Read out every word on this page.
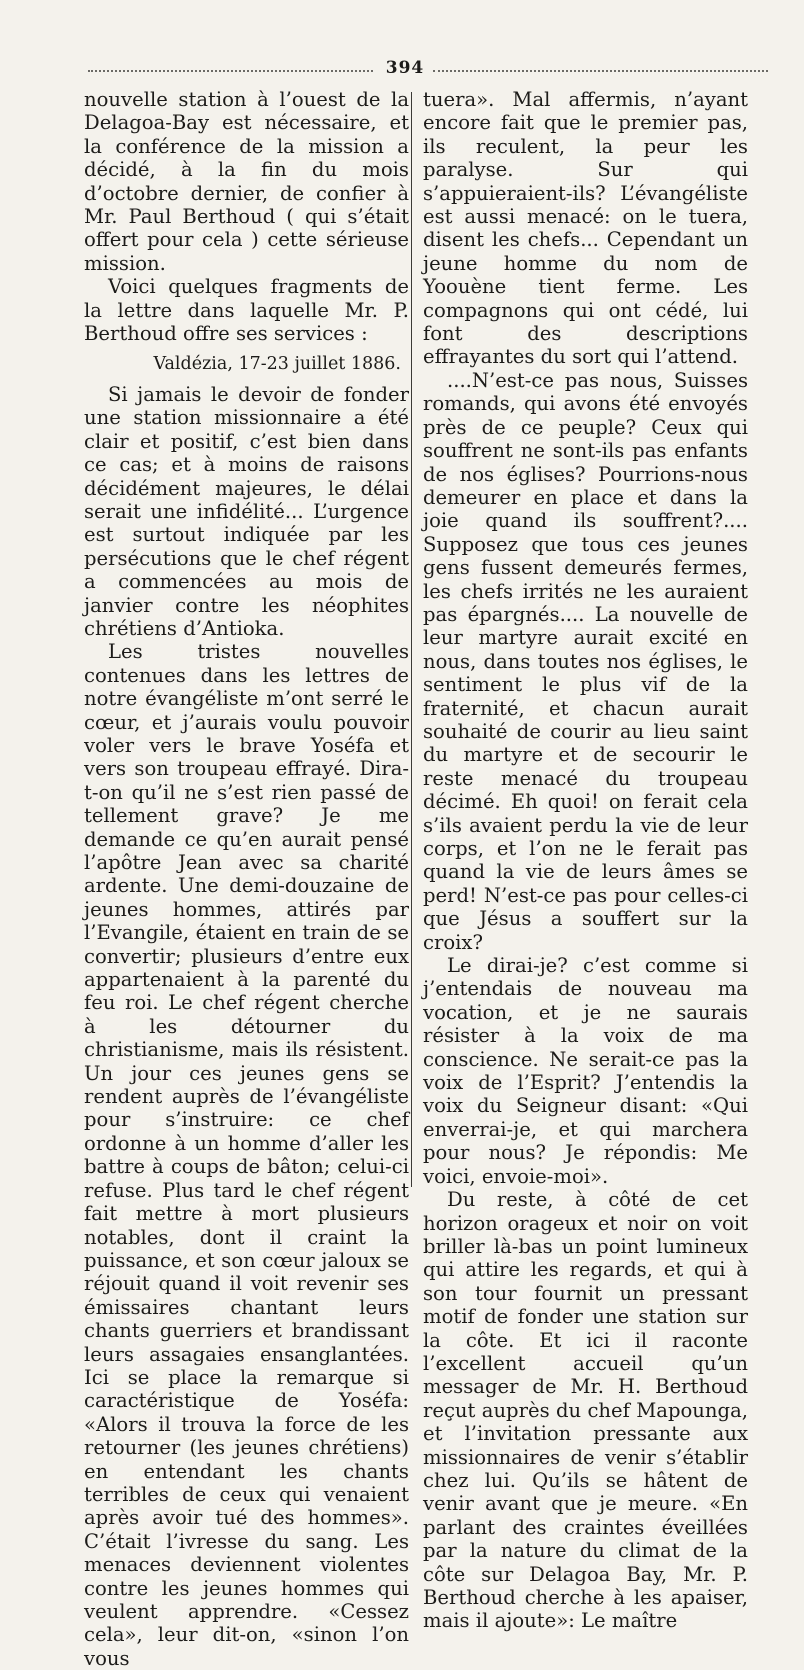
394

nouvelle station à l’ouest de la Delagoa-Bay est nécessaire, et la conférence de la mission a décidé, à la fin du mois d’octobre dernier, de confier à Mr. Paul Berthoud ( qui s’était offert pour cela ) cette sérieuse mission.

Voici quelques fragments de la lettre dans laquelle Mr. P. Berthoud offre ses services :

Valdézia, 17-23 juillet 1886.

Si jamais le devoir de fonder une station missionnaire a été clair et positif, c’est bien dans ce cas; et à moins de raisons décidément majeures, le délai serait une infidélité... L’urgence est surtout indiquée par les persécutions que le chef régent a commencées au mois de janvier contre les néophites chrétiens d’Antioka.

Les tristes nouvelles contenues dans les lettres de notre évangéliste m’ont serré le cœur, et j’aurais voulu pouvoir voler vers le brave Yoséfa et vers son troupeau effrayé. Dira-t-on qu’il ne s’est rien passé de tellement grave? Je me demande ce qu’en aurait pensé l’apôtre Jean avec sa charité ardente. Une demi-douzaine de jeunes hommes, attirés par l’Evangile, étaient en train de se convertir; plusieurs d’entre eux appartenaient à la parenté du feu roi. Le chef régent cherche à les détourner du christianisme, mais ils résistent. Un jour ces jeunes gens se rendent auprès de l’évangéliste pour s’instruire: ce chef ordonne à un homme d’aller les battre à coups de bâton; celui-ci refuse. Plus tard le chef régent fait mettre à mort plusieurs notables, dont il craint la puissance, et son cœur jaloux se réjouit quand il voit revenir ses émissaires chantant leurs chants guerriers et brandissant leurs assagaies ensanglantées. Ici se place la remarque si caractéristique de Yoséfa: «Alors il trouva la force de les retourner (les jeunes chrétiens) en entendant les chants terribles de ceux qui venaient après avoir tué des hommes». C’était l’ivresse du sang. Les menaces deviennent violentes contre les jeunes hommes qui veulent apprendre. «Cessez cela», leur dit-on, «sinon l’on vous

tuera». Mal affermis, n’ayant encore fait que le premier pas, ils reculent, la peur les paralyse. Sur qui s’appuieraient-ils? L’évangéliste est aussi menacé: on le tuera, disent les chefs... Cependant un jeune homme du nom de Yoouène tient ferme. Les compagnons qui ont cédé, lui font des descriptions effrayantes du sort qui l’attend.

....N’est-ce pas nous, Suisses romands, qui avons été envoyés près de ce peuple? Ceux qui souffrent ne sont-ils pas enfants de nos églises? Pourrions-nous demeurer en place et dans la joie quand ils souffrent?.... Supposez que tous ces jeunes gens fussent demeurés fermes, les chefs irrités ne les auraient pas épargnés.... La nouvelle de leur martyre aurait excité en nous, dans toutes nos églises, le sentiment le plus vif de la fraternité, et chacun aurait souhaité de courir au lieu saint du martyre et de secourir le reste menacé du troupeau décimé. Eh quoi! on ferait cela s’ils avaient perdu la vie de leur corps, et l’on ne le ferait pas quand la vie de leurs âmes se perd! N’est-ce pas pour celles-ci que Jésus a souffert sur la croix?

Le dirai-je? c’est comme si j’entendais de nouveau ma vocation, et je ne saurais résister à la voix de ma conscience. Ne serait-ce pas la voix de l’Esprit? J’entendis la voix du Seigneur disant: «Qui enverrai-je, et qui marchera pour nous? Je répondis: Me voici, envoie-moi».

Du reste, à côté de cet horizon orageux et noir on voit briller là-bas un point lumineux qui attire les regards, et qui à son tour fournit un pressant motif de fonder une station sur la côte. Et ici il raconte l’excellent accueil qu’un messager de Mr. H. Berthoud reçut auprès du chef Mapounga, et l’invitation pressante aux missionnaires de venir s’établir chez lui. Qu’ils se hâtent de venir avant que je meure. «En parlant des craintes éveillées par la nature du climat de la côte sur Delagoa Bay, Mr. P. Berthoud cherche à les apaiser, mais il ajoute»: Le maître
